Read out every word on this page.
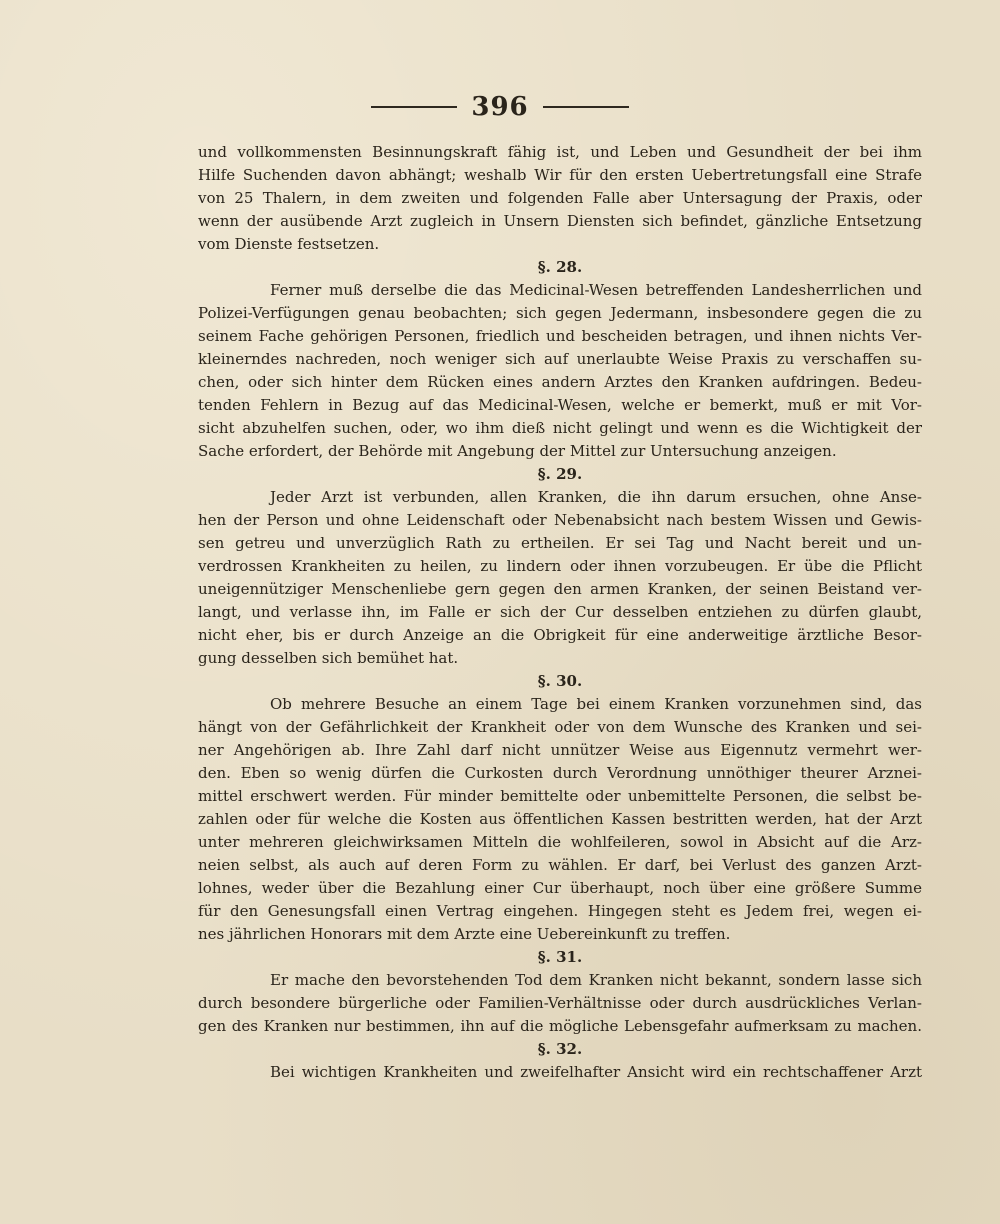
396
und vollkommensten Besinnungskraft fähig ist, und Leben und Gesundheit der bei ihm
Hilfe Suchenden davon abhängt; weshalb Wir für den ersten Uebertretungsfall eine Strafe
von 25 Thalern, in dem zweiten und folgenden Falle aber Untersagung der Praxis, oder
wenn der ausübende Arzt zugleich in Unsern Diensten sich befindet, gänzliche Entsetzung
vom Dienste festsetzen.
§. 28.
Ferner muß derselbe die das Medicinal-Wesen betreffenden Landesherrlichen und
Polizei-Verfügungen genau beobachten; sich gegen Jedermann, insbesondere gegen die zu
seinem Fache gehörigen Personen, friedlich und bescheiden betragen, und ihnen nichts Ver-
kleinerndes nachreden, noch weniger sich auf unerlaubte Weise Praxis zu verschaffen su-
chen, oder sich hinter dem Rücken eines andern Arztes den Kranken aufdringen. Bedeu-
tenden Fehlern in Bezug auf das Medicinal-Wesen, welche er bemerkt, muß er mit Vor-
sicht abzuhelfen suchen, oder, wo ihm dieß nicht gelingt und wenn es die Wichtigkeit der
Sache erfordert, der Behörde mit Angebung der Mittel zur Untersuchung anzeigen.
§. 29.
Jeder Arzt ist verbunden, allen Kranken, die ihn darum ersuchen, ohne Anse-
hen der Person und ohne Leidenschaft oder Nebenabsicht nach bestem Wissen und Gewis-
sen getreu und unverzüglich Rath zu ertheilen. Er sei Tag und Nacht bereit und un-
verdrossen Krankheiten zu heilen, zu lindern oder ihnen vorzubeugen. Er übe die Pflicht
uneigennütziger Menschenliebe gern gegen den armen Kranken, der seinen Beistand ver-
langt, und verlasse ihn, im Falle er sich der Cur desselben entziehen zu dürfen glaubt,
nicht eher, bis er durch Anzeige an die Obrigkeit für eine anderweitige ärztliche Besor-
gung desselben sich bemühet hat.
§. 30.
Ob mehrere Besuche an einem Tage bei einem Kranken vorzunehmen sind, das
hängt von der Gefährlichkeit der Krankheit oder von dem Wunsche des Kranken und sei-
ner Angehörigen ab. Ihre Zahl darf nicht unnützer Weise aus Eigennutz vermehrt wer-
den. Eben so wenig dürfen die Curkosten durch Verordnung unnöthiger theurer Arznei-
mittel erschwert werden. Für minder bemittelte oder unbemittelte Personen, die selbst be-
zahlen oder für welche die Kosten aus öffentlichen Kassen bestritten werden, hat der Arzt
unter mehreren gleichwirksamen Mitteln die wohlfeileren, sowol in Absicht auf die Arz-
neien selbst, als auch auf deren Form zu wählen. Er darf, bei Verlust des ganzen Arzt-
lohnes, weder über die Bezahlung einer Cur überhaupt, noch über eine größere Summe
für den Genesungsfall einen Vertrag eingehen. Hingegen steht es Jedem frei, wegen ei-
nes jährlichen Honorars mit dem Arzte eine Uebereinkunft zu treffen.
§. 31.
Er mache den bevorstehenden Tod dem Kranken nicht bekannt, sondern lasse sich
durch besondere bürgerliche oder Familien-Verhältnisse oder durch ausdrückliches Verlan-
gen des Kranken nur bestimmen, ihn auf die mögliche Lebensgefahr aufmerksam zu machen.
§. 32.
Bei wichtigen Krankheiten und zweifelhafter Ansicht wird ein rechtschaffener Arzt
